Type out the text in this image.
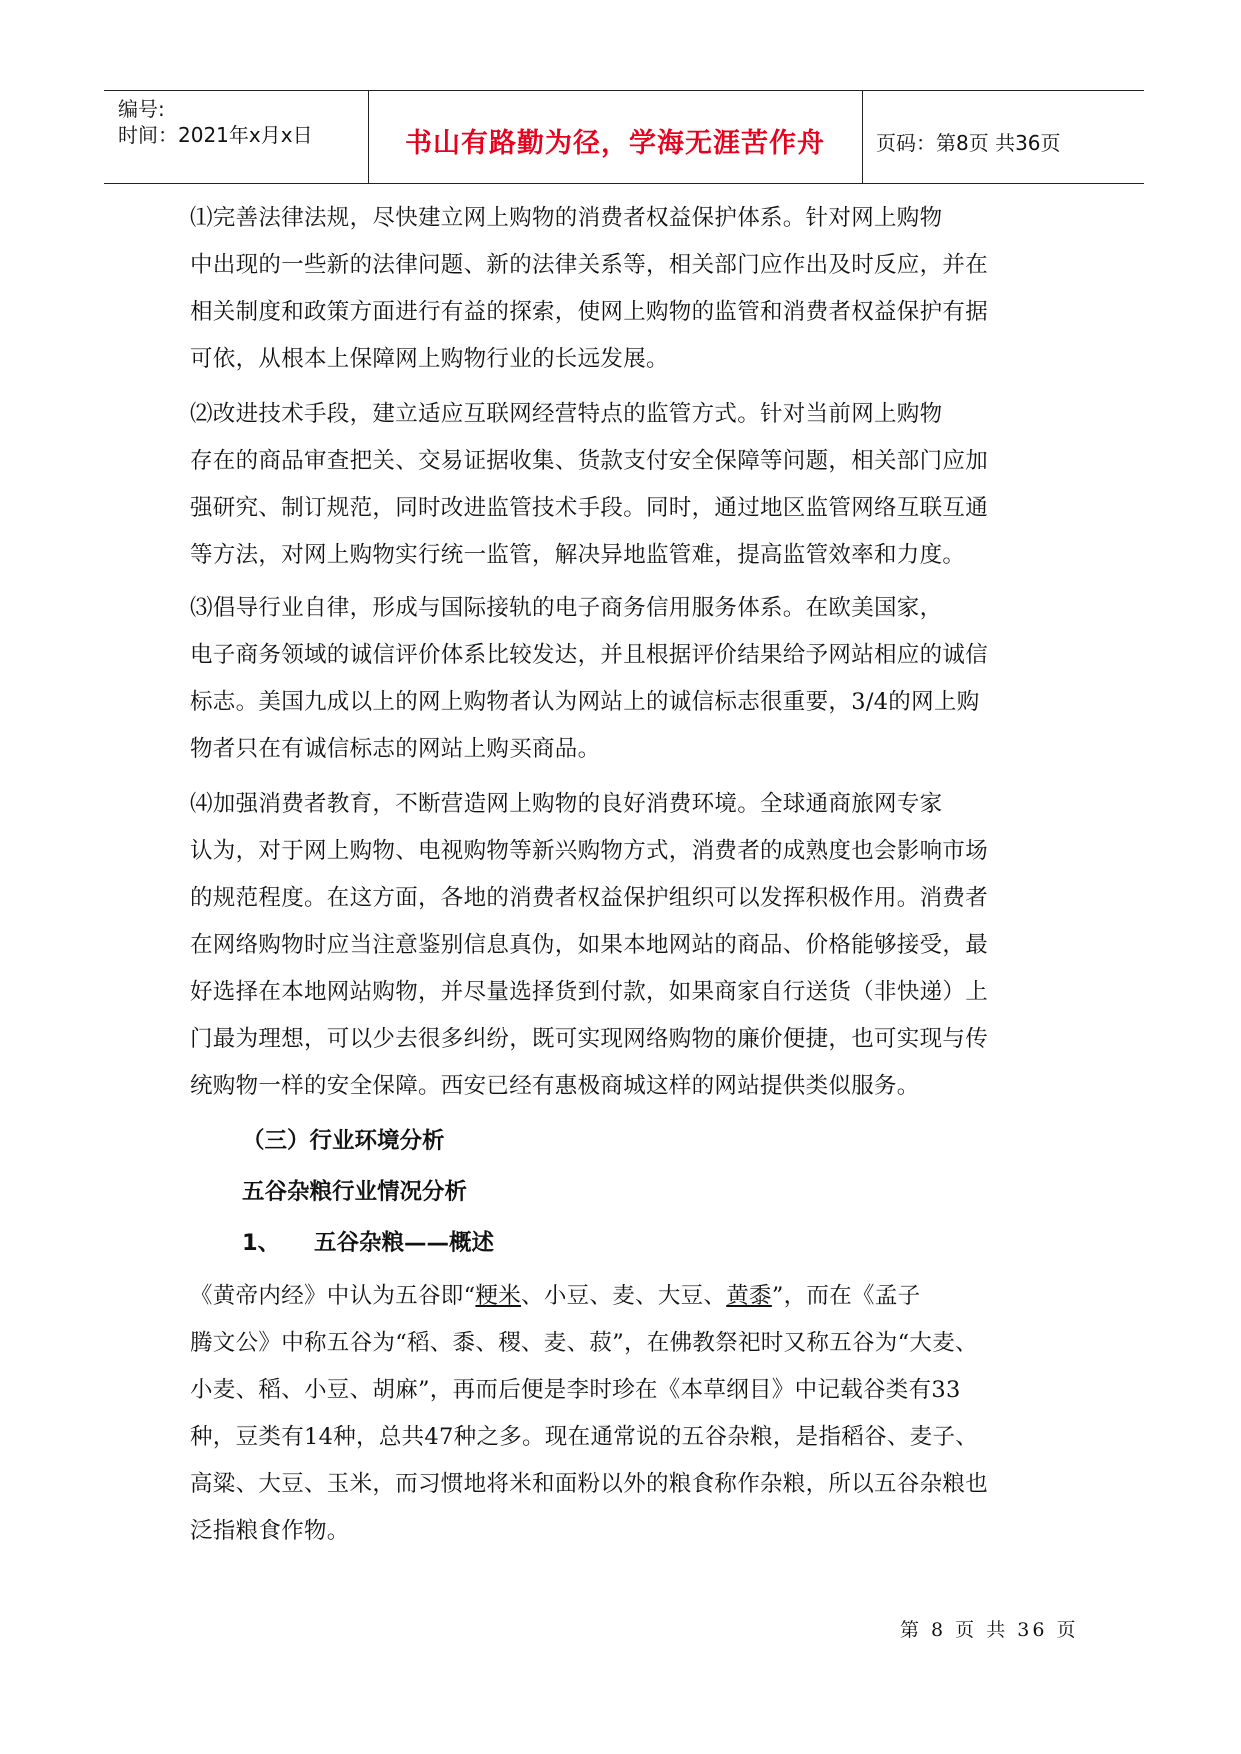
编号:
时间：2021年x月x日	书山有路勤为径，学海无涯苦作舟	页码：第8页 共36页
⑴完善法律法规，尽快建立网上购物的消费者权益保护体系。针对网上购物
中出现的一些新的法律问题、新的法律关系等，相关部门应作出及时反应，并在
相关制度和政策方面进行有益的探索，使网上购物的监管和消费者权益保护有据
可依，从根本上保障网上购物行业的长远发展。
⑵改进技术手段，建立适应互联网经营特点的监管方式。针对当前网上购物
存在的商品审查把关、交易证据收集、货款支付安全保障等问题，相关部门应加
强研究、制订规范，同时改进监管技术手段。同时，通过地区监管网络互联互通
等方法，对网上购物实行统一监管，解决异地监管难，提高监管效率和力度。
⑶倡导行业自律，形成与国际接轨的电子商务信用服务体系。在欧美国家，
电子商务领域的诚信评价体系比较发达，并且根据评价结果给予网站相应的诚信
标志。美国九成以上的网上购物者认为网站上的诚信标志很重要，3/4的网上购
物者只在有诚信标志的网站上购买商品。
⑷加强消费者教育，不断营造网上购物的良好消费环境。全球通商旅网专家
认为，对于网上购物、电视购物等新兴购物方式，消费者的成熟度也会影响市场
的规范程度。在这方面，各地的消费者权益保护组织可以发挥积极作用。消费者
在网络购物时应当注意鉴别信息真伪，如果本地网站的商品、价格能够接受，最
好选择在本地网站购物，并尽量选择货到付款，如果商家自行送货（非快递）上
门最为理想，可以少去很多纠纷，既可实现网络购物的廉价便捷，也可实现与传
统购物一样的安全保障。西安已经有惠极商城这样的网站提供类似服务。
（三）行业环境分析
五谷杂粮行业情况分析
1、 五谷杂粮——概述
《黄帝内经》中认为五谷即“粳米、小豆、麦、大豆、黄黍”，而在《孟子
腾文公》中称五谷为“稻、黍、稷、麦、菽”，在佛教祭祀时又称五谷为“大麦、
小麦、稻、小豆、胡麻”，再而后便是李时珍在《本草纲目》中记载谷类有33
种，豆类有14种，总共47种之多。现在通常说的五谷杂粮，是指稻谷、麦子、
高粱、大豆、玉米，而习惯地将米和面粉以外的粮食称作杂粮，所以五谷杂粮也
泛指粮食作物。
第 8 页 共 36 页
